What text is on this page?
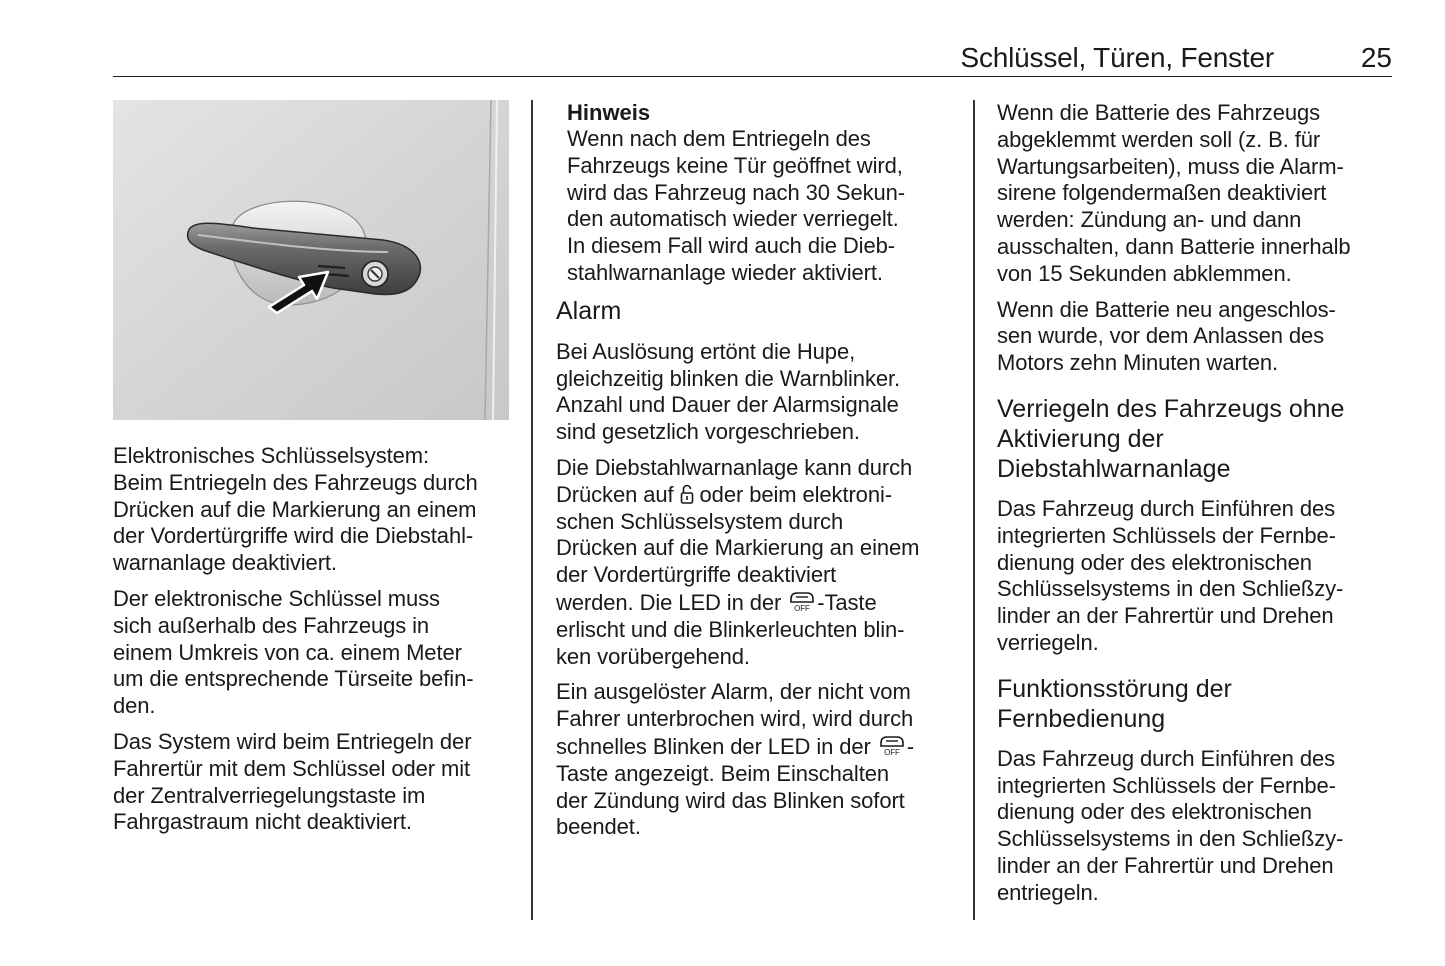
Schlüssel, Türen, Fenster	25

Elektronisches Schlüsselsystem:
Beim Entriegeln des Fahrzeugs durch
Drücken auf die Markierung an einem
der Vordertürgriffe wird die Diebstahl-
warnanlage deaktiviert.

Der elektronische Schlüssel muss
sich außerhalb des Fahrzeugs in
einem Umkreis von ca. einem Meter
um die entsprechende Türseite befin-
den.

Das System wird beim Entriegeln der
Fahrertür mit dem Schlüssel oder mit
der Zentralverriegelungstaste im
Fahrgastraum nicht deaktiviert.

Hinweis

Wenn nach dem Entriegeln des
Fahrzeugs keine Tür geöffnet wird,
wird das Fahrzeug nach 30 Sekun-
den automatisch wieder verriegelt.
In diesem Fall wird auch die Dieb-
stahlwarnanlage wieder aktiviert.

Alarm

Bei Auslösung ertönt die Hupe,
gleichzeitig blinken die Warnblinker.
Anzahl und Dauer der Alarmsignale
sind gesetzlich vorgeschrieben.

Die Diebstahlwarnanlage kann durch
Drücken auf  oder beim elektroni-
schen Schlüsselsystem durch
Drücken auf die Markierung an einem
der Vordertürgriffe deaktiviert
werden. Die LED in der OFF -Taste
erlischt und die Blinkerleuchten blin-
ken vorübergehend.

Ein ausgelöster Alarm, der nicht vom
Fahrer unterbrochen wird, wird durch
schnelles Blinken der LED in der OFF -
Taste angezeigt. Beim Einschalten
der Zündung wird das Blinken sofort
beendet.

Wenn die Batterie des Fahrzeugs
abgeklemmt werden soll (z. B. für
Wartungsarbeiten), muss die Alarm-
sirene folgendermaßen deaktiviert
werden: Zündung an- und dann
ausschalten, dann Batterie innerhalb
von 15 Sekunden abklemmen.

Wenn die Batterie neu angeschlos-
sen wurde, vor dem Anlassen des
Motors zehn Minuten warten.

Verriegeln des Fahrzeugs ohne
Aktivierung der
Diebstahlwarnanlage

Das Fahrzeug durch Einführen des
integrierten Schlüssels der Fernbe-
dienung oder des elektronischen
Schlüsselsystems in den Schließzy-
linder an der Fahrertür und Drehen
verriegeln.

Funktionsstörung der
Fernbedienung

Das Fahrzeug durch Einführen des
integrierten Schlüssels der Fernbe-
dienung oder des elektronischen
Schlüsselsystems in den Schließzy-
linder an der Fahrertür und Drehen
entriegeln.
